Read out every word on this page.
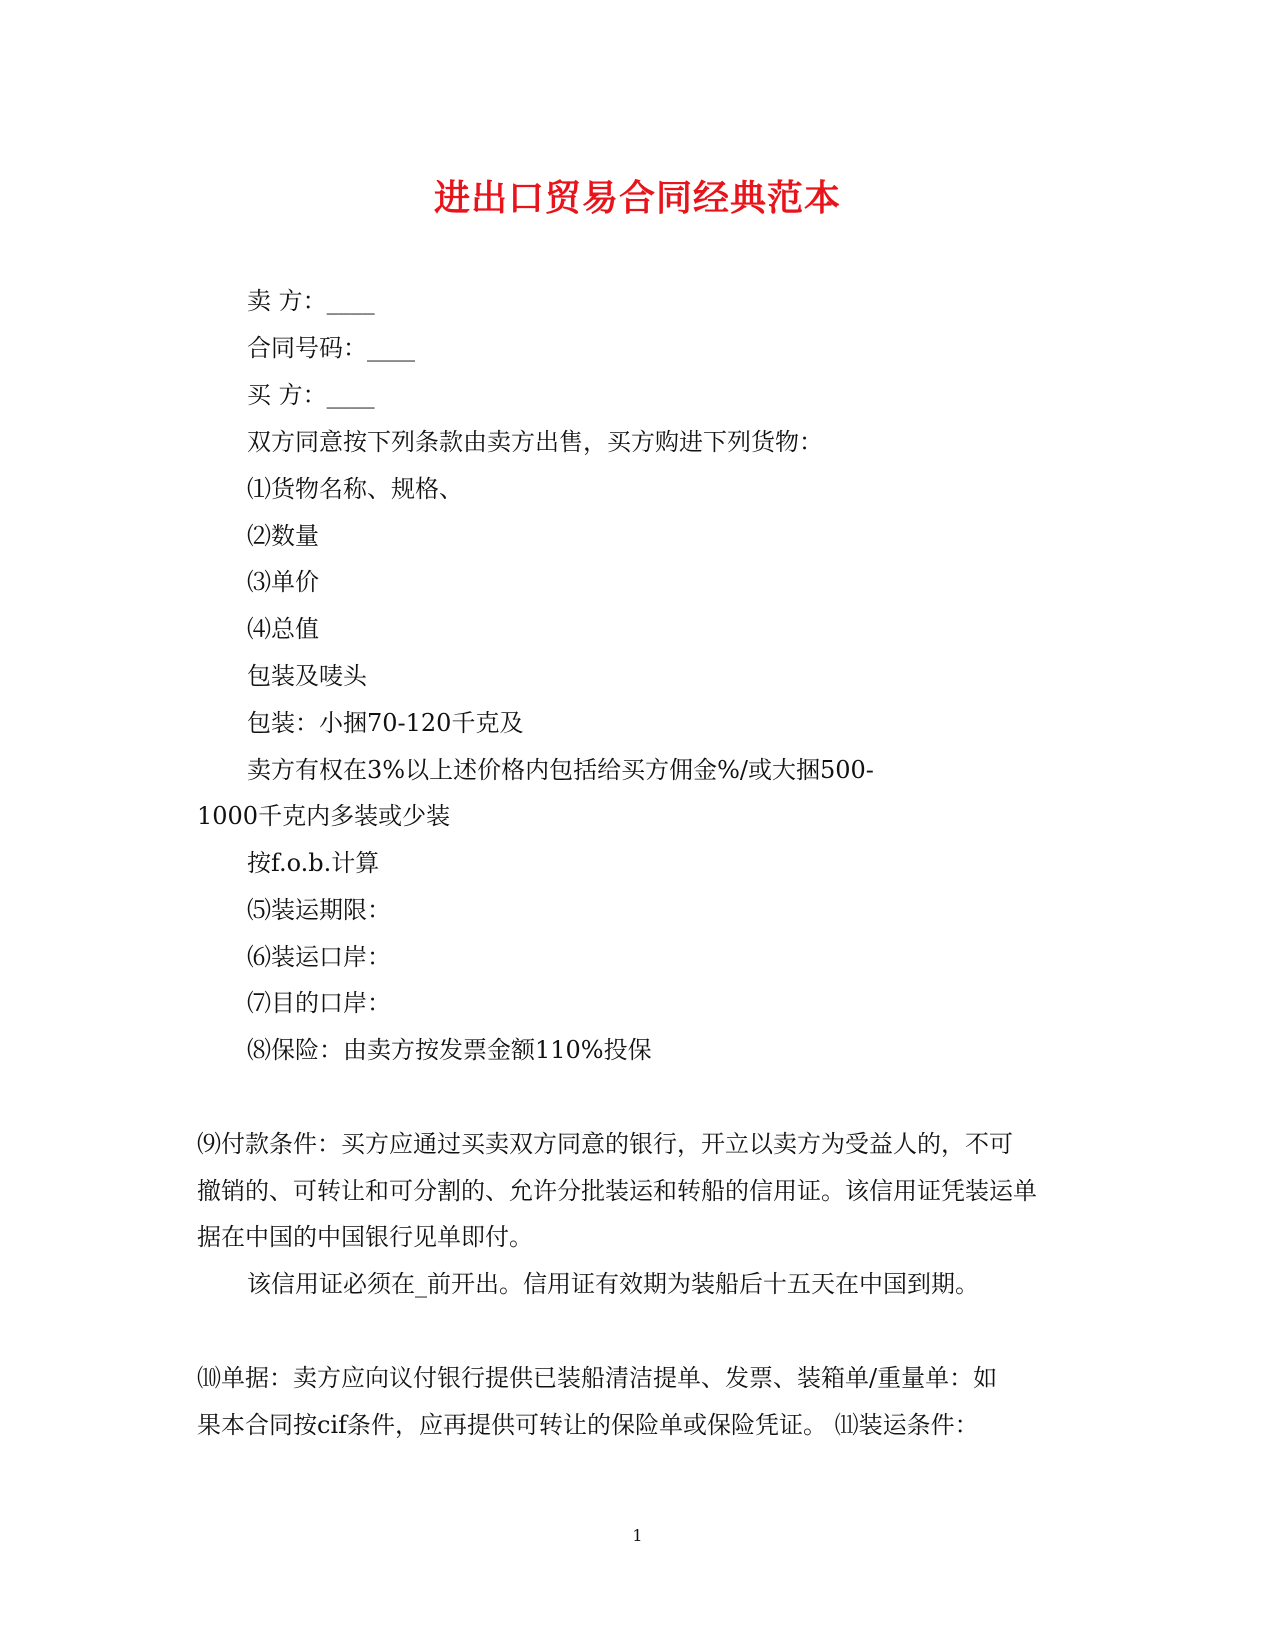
进出口贸易合同经典范本

卖 方：____

合同号码：____

买 方：____

双方同意按下列条款由卖方出售，买方购进下列货物：

⑴货物名称、规格、

⑵数量

⑶单价

⑷总值

包装及唛头

包装：小捆70-120千克及

卖方有权在3%以上述价格内包括给买方佣金%/或大捆500-

1000千克内多装或少装

按f.o.b.计算

⑸装运期限：

⑹装运口岸：

⑺目的口岸：

⑻保险：由卖方按发票金额110%投保

⑼付款条件：买方应通过买卖双方同意的银行，开立以卖方为受益人的，不可

撤销的、可转让和可分割的、允许分批装运和转船的信用证。该信用证凭装运单

据在中国的中国银行见单即付。

该信用证必须在_前开出。信用证有效期为装船后十五天在中国到期。

⑽单据：卖方应向议付银行提供已装船清洁提单、发票、装箱单/重量单：如

果本合同按cif条件，应再提供可转让的保险单或保险凭证。 ⑾装运条件：

1
